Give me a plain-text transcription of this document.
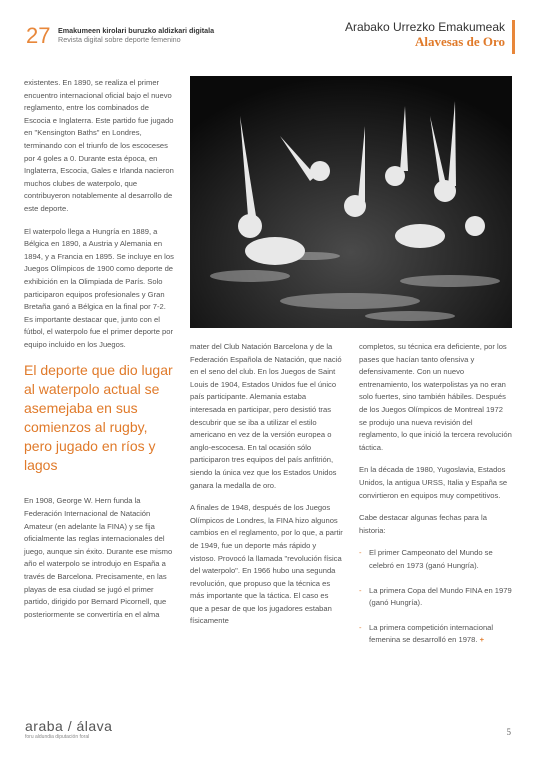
27 Emakumeen kirolari buruzko aldizkari digitala
Revista digital sobre deporte femenino
Arabako Urrezko Emakumeak
Alavesas de Oro

existentes. En 1890, se realiza el primer encuentro internacional oficial bajo el nuevo reglamento, entre los combinados de Escocia e Inglaterra. Este partido fue jugado en "Kensington Baths" en Londres, terminando con el triunfo de los escoceses por 4 goles a 0. Durante esta época, en Inglaterra, Escocia, Gales e Irlanda nacieron muchos clubes de waterpolo, que contribuyeron notablemente al desarrollo de este deporte.

El waterpolo llega a Hungría en 1889, a Bélgica en 1890, a Austria y Alemania en 1894, y a Francia en 1895. Se incluye en los Juegos Olímpicos de 1900 como deporte de exhibición en la Olimpiada de París. Solo participaron equipos profesionales y Gran Bretaña ganó a Bélgica en la final por 7-2. Es importante destacar que, junto con el fútbol, el waterpolo fue el primer deporte por equipo incluido en los Juegos.

El deporte que dio lugar al waterpolo actual se asemejaba en sus comienzos al rugby, pero jugado en ríos y lagos

En 1908, George W. Hern funda la Federación Internacional de Natación Amateur (en adelante la FINA) y se fija oficialmente las reglas internacionales del juego, aunque sin éxito. Durante ese mismo año el waterpolo se introdujo en España a través de Barcelona. Precisamente, en las playas de esa ciudad se jugó el primer partido, dirigido por Bernard Picornell, que posteriormente se convertiría en el alma

mater del Club Natación Barcelona y de la Federación Española de Natación, que nació en el seno del club. En los Juegos de Saint Louis de 1904, Estados Unidos fue el único país participante. Alemania estaba interesada en participar, pero desistió tras descubrir que se iba a utilizar el estilo americano en vez de la versión europea o anglo-escocesa. En tal ocasión sólo participaron tres equipos del país anfitrión, siendo la única vez que los Estados Unidos ganara la medalla de oro.

A finales de 1948, después de los Juegos Olímpicos de Londres, la FINA hizo algunos cambios en el reglamento, por lo que, a partir de 1949, fue un deporte más rápido y vistoso. Provocó la llamada "revolución física del waterpolo". En 1966 hubo una segunda revolución, que propuso que la técnica es más importante que la táctica. El caso es que a pesar de que los jugadores estaban físicamente

completos, su técnica era deficiente, por los pases que hacían tanto ofensiva y defensivamente. Con un nuevo entrenamiento, los waterpolistas ya no eran solo fuertes, sino también hábiles. Después de los Juegos Olímpicos de Montreal 1972 se produjo una nueva revisión del reglamento, lo que inició la tercera revolución táctica.

En la década de 1980, Yugoslavia, Estados Unidos, la antigua URSS, Italia y España se convirtieron en equipos muy competitivos.

Cabe destacar algunas fechas para la historia:

- El primer Campeonato del Mundo se celebró en 1973 (ganó Hungría).
- La primera Copa del Mundo FINA en 1979 (ganó Hungría).
- La primera competición internacional femenina se desarrolló en 1978. +
araba / álava
foru aldundia diputación foral	5
